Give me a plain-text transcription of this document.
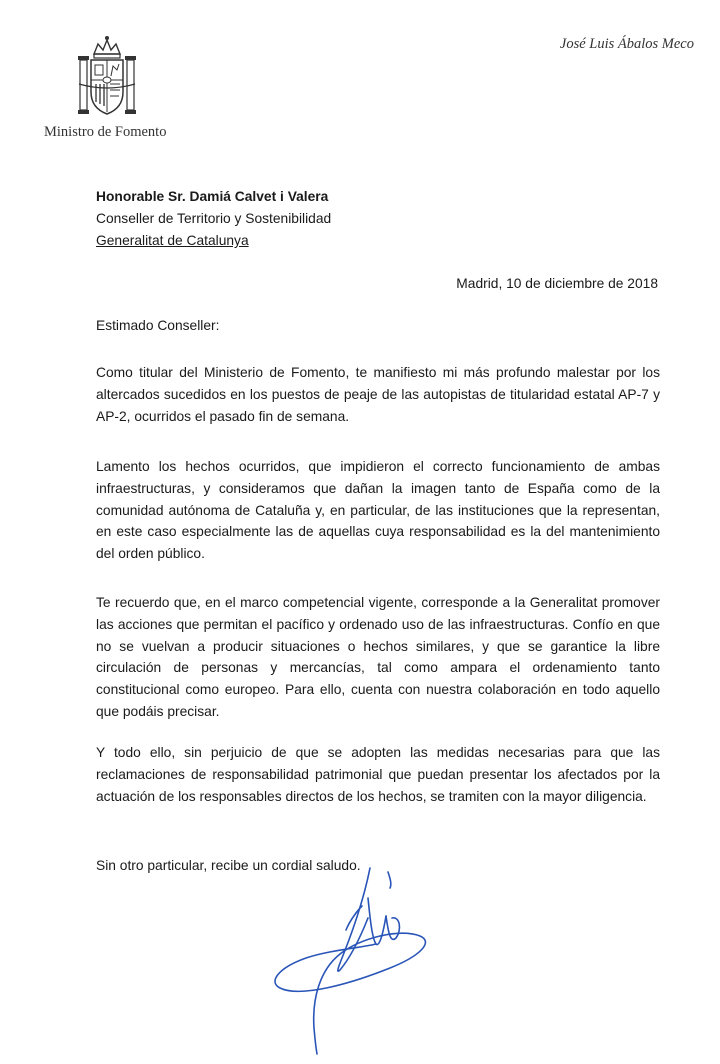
José Luis Ábalos Meco
Ministro de Fomento
Honorable Sr. Damiá Calvet i Valera
Conseller de Territorio y Sostenibilidad
Generalitat de Catalunya
Madrid, 10 de diciembre de 2018
Estimado Conseller:
Como titular del Ministerio de Fomento, te manifiesto mi más profundo malestar por los altercados sucedidos en los puestos de peaje de las autopistas de titularidad estatal AP-7 y AP-2, ocurridos el pasado fin de semana.
Lamento los hechos ocurridos, que impidieron el correcto funcionamiento de ambas infraestructuras, y consideramos que dañan la imagen tanto de España como de la comunidad autónoma de Cataluña y, en particular, de las instituciones que la representan, en este caso especialmente las de aquellas cuya responsabilidad es la del mantenimiento del orden público.
Te recuerdo que, en el marco competencial vigente, corresponde a la Generalitat promover las acciones que permitan el pacífico y ordenado uso de las infraestructuras. Confío en que no se vuelvan a producir situaciones o hechos similares, y que se garantice la libre circulación de personas y mercancías, tal como ampara el ordenamiento tanto constitucional como europeo. Para ello, cuenta con nuestra colaboración en todo aquello que podáis precisar.
Y todo ello, sin perjuicio de que se adopten las medidas necesarias para que las reclamaciones de responsabilidad patrimonial que puedan presentar los afectados por la actuación de los responsables directos de los hechos, se tramiten con la mayor diligencia.
Sin otro particular, recibe un cordial saludo.
